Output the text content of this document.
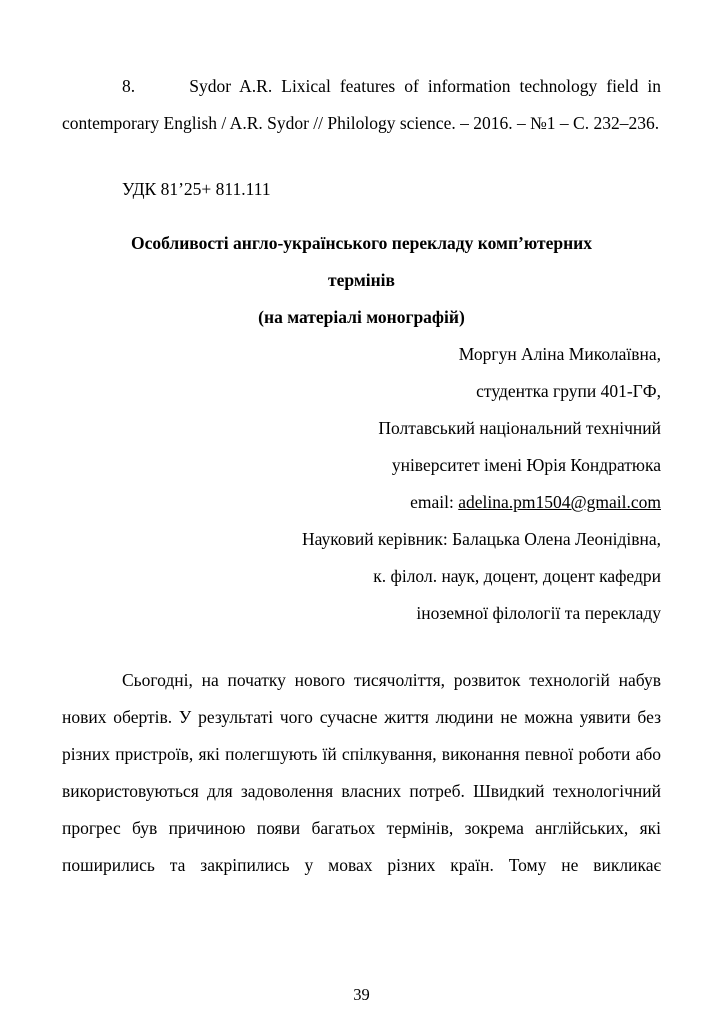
8.      Sydor A.R. Lixical features of information technology field in contemporary English / A.R. Sydor // Philology science. – 2016. – №1 – С. 232–236.

УДК 81’25+ 811.111

Особливості англо-українського перекладу комп’ютерних
термінів
(на матеріалі монографій)
Моргун Аліна Миколаївна,
студентка групи 401-ГФ,
Полтавський національний технічний
університет імені Юрія Кондратюка
email: adelina.pm1504@gmail.com
Науковий керівник: Балацька Олена Леонідівна,
к. філол. наук, доцент, доцент кафедри
іноземної філології та перекладу

Сьогодні, на початку нового тисячоліття, розвиток технологій набув нових обертів. У результаті чого сучасне життя людини не можна уявити без різних пристроїв, які полегшують їй спілкування, виконання певної роботи або використовуються для задоволення власних потреб. Швидкий технологічний прогрес був причиною появи багатьох термінів, зокрема англійських, які поширились та закріпились у мовах різних країн. Тому не викликає

39
